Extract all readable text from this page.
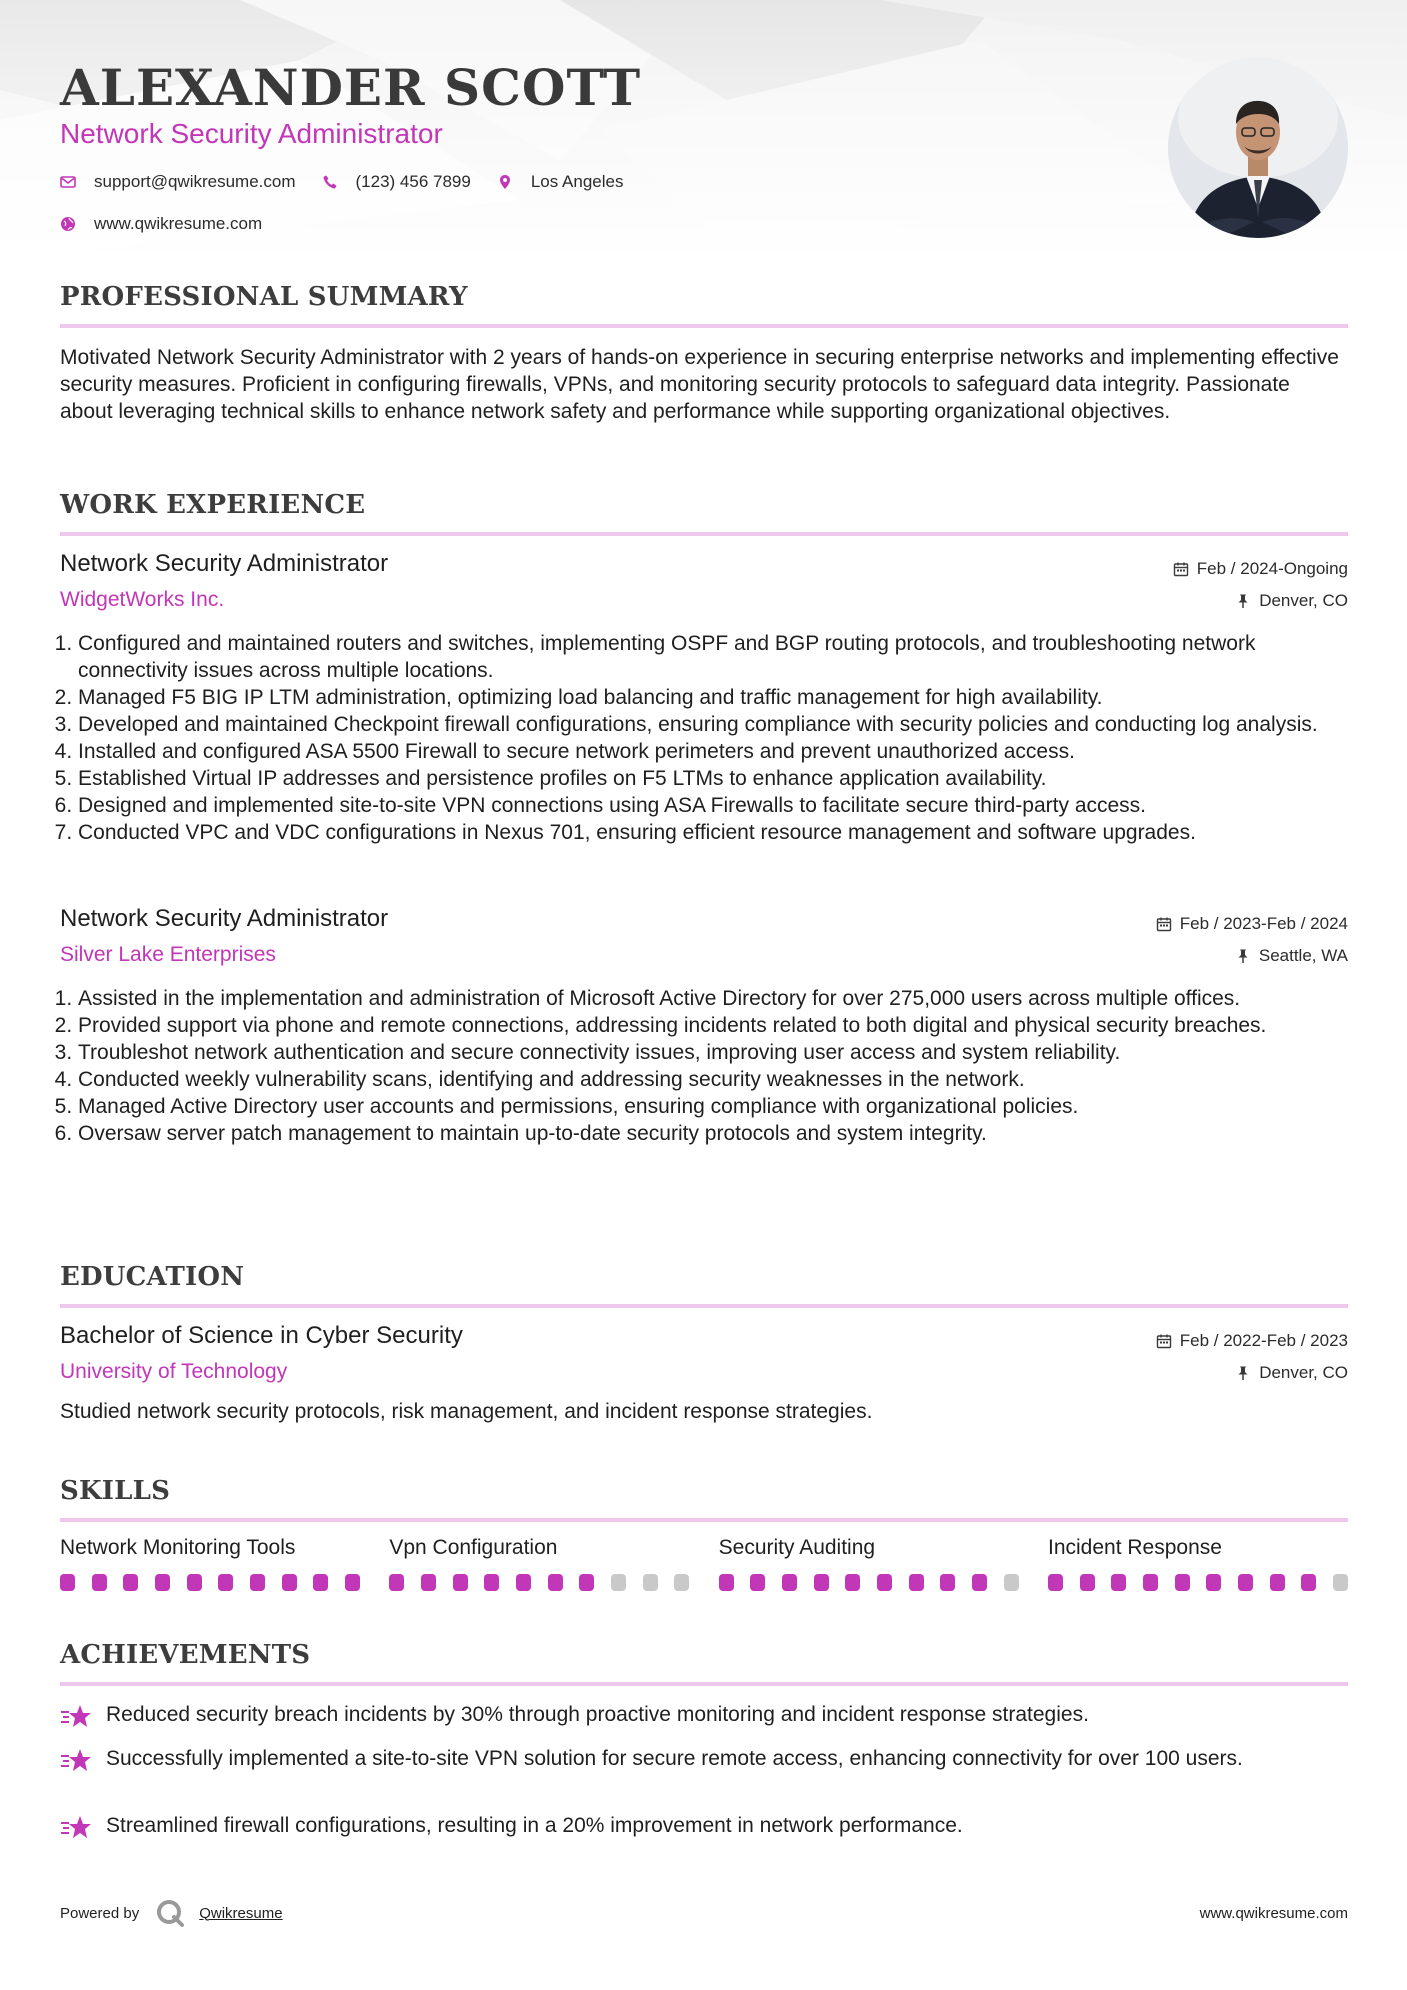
ALEXANDER SCOTT
Network Security Administrator
support@qwikresume.com	(123) 456 7899	Los Angeles
www.qwikresume.com
PROFESSIONAL SUMMARY
Motivated Network Security Administrator with 2 years of hands-on experience in securing enterprise networks and implementing effective security measures. Proficient in configuring firewalls, VPNs, and monitoring security protocols to safeguard data integrity. Passionate about leveraging technical skills to enhance network safety and performance while supporting organizational objectives.
WORK EXPERIENCE
Network Security Administrator
WidgetWorks Inc.
Feb / 2024-Ongoing
Denver, CO
1. Configured and maintained routers and switches, implementing OSPF and BGP routing protocols, and troubleshooting network connectivity issues across multiple locations.
2. Managed F5 BIG IP LTM administration, optimizing load balancing and traffic management for high availability.
3. Developed and maintained Checkpoint firewall configurations, ensuring compliance with security policies and conducting log analysis.
4. Installed and configured ASA 5500 Firewall to secure network perimeters and prevent unauthorized access.
5. Established Virtual IP addresses and persistence profiles on F5 LTMs to enhance application availability.
6. Designed and implemented site-to-site VPN connections using ASA Firewalls to facilitate secure third-party access.
7. Conducted VPC and VDC configurations in Nexus 701, ensuring efficient resource management and software upgrades.
Network Security Administrator
Silver Lake Enterprises
Feb / 2023-Feb / 2024
Seattle, WA
1. Assisted in the implementation and administration of Microsoft Active Directory for over 275,000 users across multiple offices.
2. Provided support via phone and remote connections, addressing incidents related to both digital and physical security breaches.
3. Troubleshot network authentication and secure connectivity issues, improving user access and system reliability.
4. Conducted weekly vulnerability scans, identifying and addressing security weaknesses in the network.
5. Managed Active Directory user accounts and permissions, ensuring compliance with organizational policies.
6. Oversaw server patch management to maintain up-to-date security protocols and system integrity.
EDUCATION
Bachelor of Science in Cyber Security
University of Technology
Feb / 2022-Feb / 2023
Denver, CO
Studied network security protocols, risk management, and incident response strategies.
SKILLS
Network Monitoring Tools	Vpn Configuration	Security Auditing	Incident Response
ACHIEVEMENTS
Reduced security breach incidents by 30% through proactive monitoring and incident response strategies.
Successfully implemented a site-to-site VPN solution for secure remote access, enhancing connectivity for over 100 users.
Streamlined firewall configurations, resulting in a 20% improvement in network performance.
Powered by	Qwikresume	www.qwikresume.com
